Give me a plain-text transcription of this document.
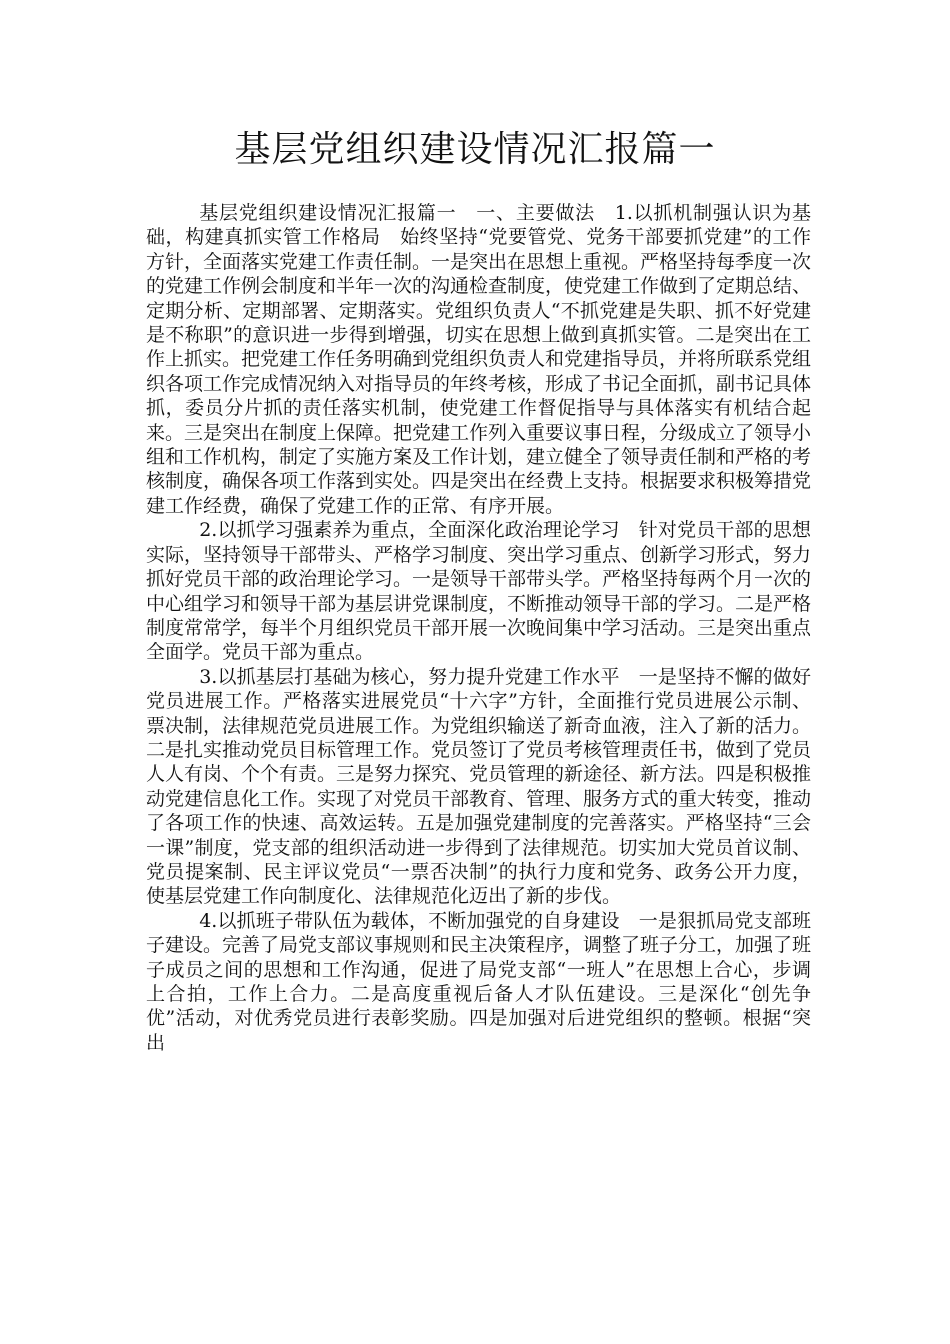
基层党组织建设情况汇报篇一

基层党组织建设情况汇报篇一　一、主要做法　1.以抓机制强认识为基础，构建真抓实管工作格局　始终坚持“党要管党、党务干部要抓党建”的工作方针，全面落实党建工作责任制。一是突出在思想上重视。严格坚持每季度一次的党建工作例会制度和半年一次的沟通检查制度，使党建工作做到了定期总结、定期分析、定期部署、定期落实。党组织负责人“不抓党建是失职、抓不好党建是不称职”的意识进一步得到增强，切实在思想上做到真抓实管。二是突出在工作上抓实。把党建工作任务明确到党组织负责人和党建指导员，并将所联系党组织各项工作完成情况纳入对指导员的年终考核，形成了书记全面抓，副书记具体抓，委员分片抓的责任落实机制，使党建工作督促指导与具体落实有机结合起来。三是突出在制度上保障。把党建工作列入重要议事日程，分级成立了领导小组和工作机构，制定了实施方案及工作计划，建立健全了领导责任制和严格的考核制度，确保各项工作落到实处。四是突出在经费上支持。根据要求积极筹措党建工作经费，确保了党建工作的正常、有序开展。

2.以抓学习强素养为重点，全面深化政治理论学习　针对党员干部的思想实际，坚持领导干部带头、严格学习制度、突出学习重点、创新学习形式，努力抓好党员干部的政治理论学习。一是领导干部带头学。严格坚持每两个月一次的中心组学习和领导干部为基层讲党课制度，不断推动领导干部的学习。二是严格制度常常学，每半个月组织党员干部开展一次晚间集中学习活动。三是突出重点全面学。党员干部为重点。

3.以抓基层打基础为核心，努力提升党建工作水平　一是坚持不懈的做好党员进展工作。严格落实进展党员“十六字”方针，全面推行党员进展公示制、票决制，法律规范党员进展工作。为党组织输送了新奇血液，注入了新的活力。二是扎实推动党员目标管理工作。党员签订了党员考核管理责任书，做到了党员人人有岗、个个有责。三是努力探究、党员管理的新途径、新方法。四是积极推动党建信息化工作。实现了对党员干部教育、管理、服务方式的重大转变，推动了各项工作的快速、高效运转。五是加强党建制度的完善落实。严格坚持“三会一课”制度，党支部的组织活动进一步得到了法律规范。切实加大党员首议制、党员提案制、民主评议党员“一票否决制”的执行力度和党务、政务公开力度，使基层党建工作向制度化、法律规范化迈出了新的步伐。

4.以抓班子带队伍为载体，不断加强党的自身建设　一是狠抓局党支部班子建设。完善了局党支部议事规则和民主决策程序，调整了班子分工，加强了班子成员之间的思想和工作沟通，促进了局党支部“一班人”在思想上合心，步调上合拍，工作上合力。二是高度重视后备人才队伍建设。三是深化“创先争优”活动，对优秀党员进行表彰奖励。四是加强对后进党组织的整顿。根据“突出
